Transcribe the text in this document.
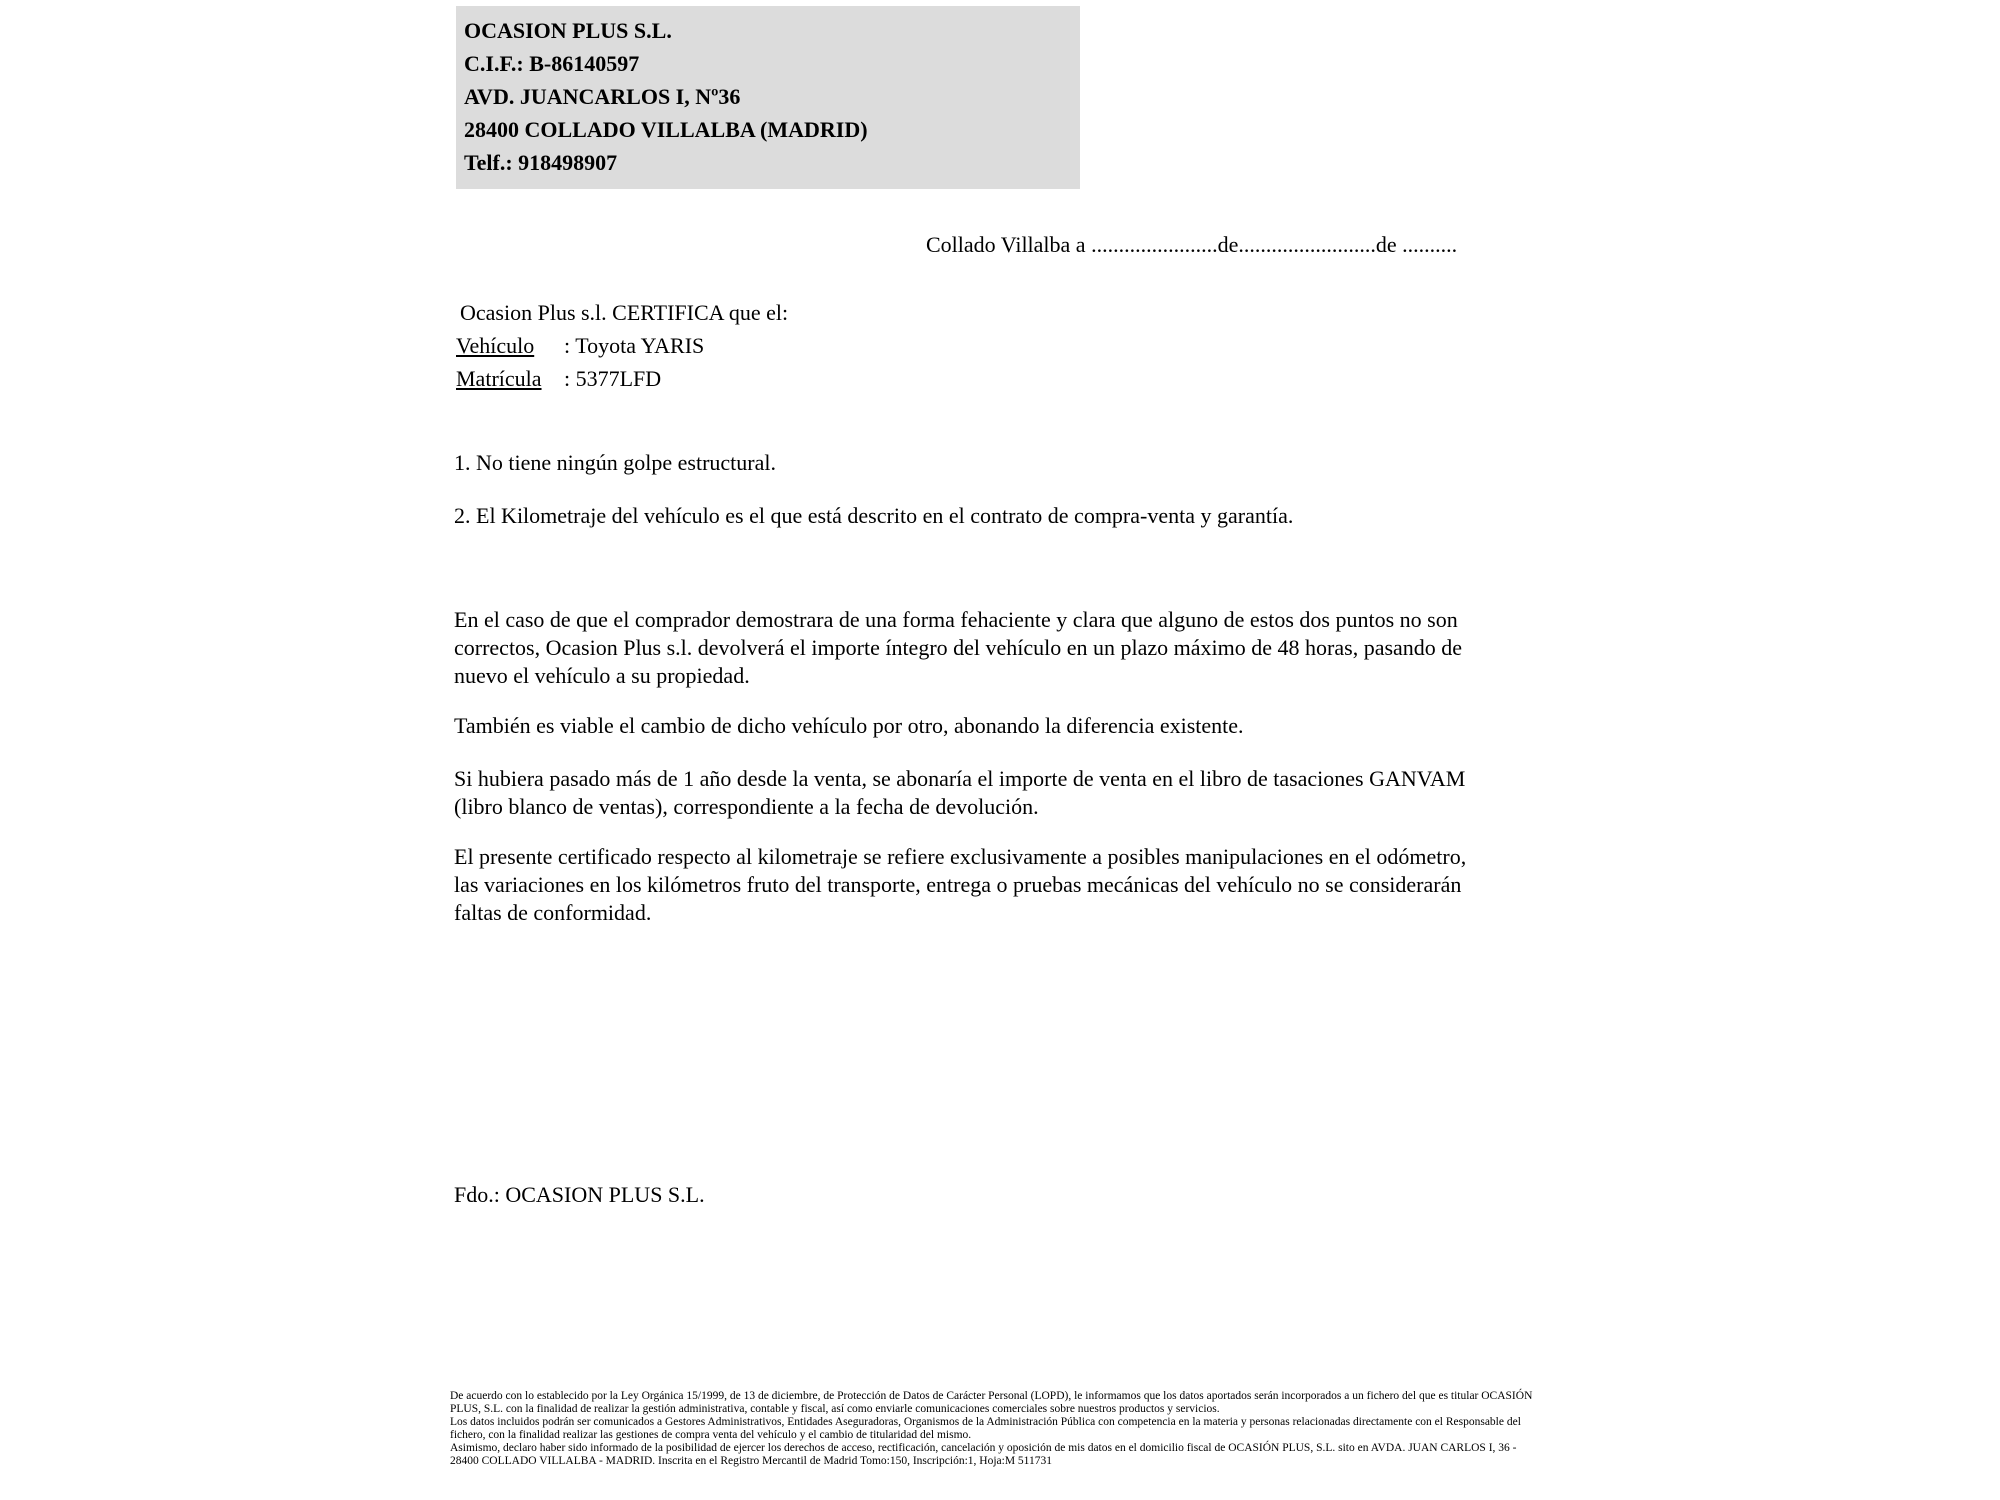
OCASION PLUS S.L.
C.I.F.: B-86140597
AVD. JUANCARLOS I, Nº36
28400 COLLADO VILLALBA (MADRID)
Telf.: 918498907
Collado Villalba a .......................de.........................de ..........
Ocasion Plus s.l. CERTIFICA que el:
Vehículo : Toyota YARIS
Matrícula : 5377LFD
1. No tiene ningún golpe estructural.
2. El Kilometraje del vehículo es el que está descrito en el contrato de compra-venta y garantía.
En el caso de que el comprador demostrara de una forma fehaciente y clara que alguno de estos dos puntos no son correctos, Ocasion Plus s.l. devolverá el importe íntegro del vehículo en un plazo máximo de 48 horas, pasando de nuevo el vehículo a su propiedad.
También es viable el cambio de dicho vehículo por otro, abonando la diferencia existente.
Si hubiera pasado más de 1 año desde la venta, se abonaría el importe de venta en el libro de tasaciones GANVAM (libro blanco de ventas), correspondiente a la fecha de devolución.
El presente certificado respecto al kilometraje se refiere exclusivamente a posibles manipulaciones en el odómetro, las variaciones en los kilómetros fruto del transporte, entrega o pruebas mecánicas del vehículo no se considerarán faltas de conformidad.
Fdo.: OCASION PLUS S.L.

De acuerdo con lo establecido por la Ley Orgánica 15/1999, de 13 de diciembre, de Protección de Datos de Carácter Personal (LOPD), le informamos que los datos aportados serán incorporados a un fichero del que es titular OCASIÓN PLUS, S.L. con la finalidad de realizar la gestión administrativa, contable y fiscal, así como enviarle comunicaciones comerciales sobre nuestros productos y servicios.

Los datos incluidos podrán ser comunicados a Gestores Administrativos, Entidades Aseguradoras, Organismos de la Administración Pública con competencia en la materia y personas relacionadas directamente con el Responsable del fichero, con la finalidad realizar las gestiones de compra venta del vehículo y el cambio de titularidad del mismo.

Asimismo, declaro haber sido informado de la posibilidad de ejercer los derechos de acceso, rectificación, cancelación y oposición de mis datos en el domicilio fiscal de OCASIÓN PLUS, S.L. sito en AVDA. JUAN CARLOS I, 36 - 28400 COLLADO VILLALBA - MADRID. Inscrita en el Registro Mercantil de Madrid Tomo:150, Inscripción:1, Hoja:M 511731
